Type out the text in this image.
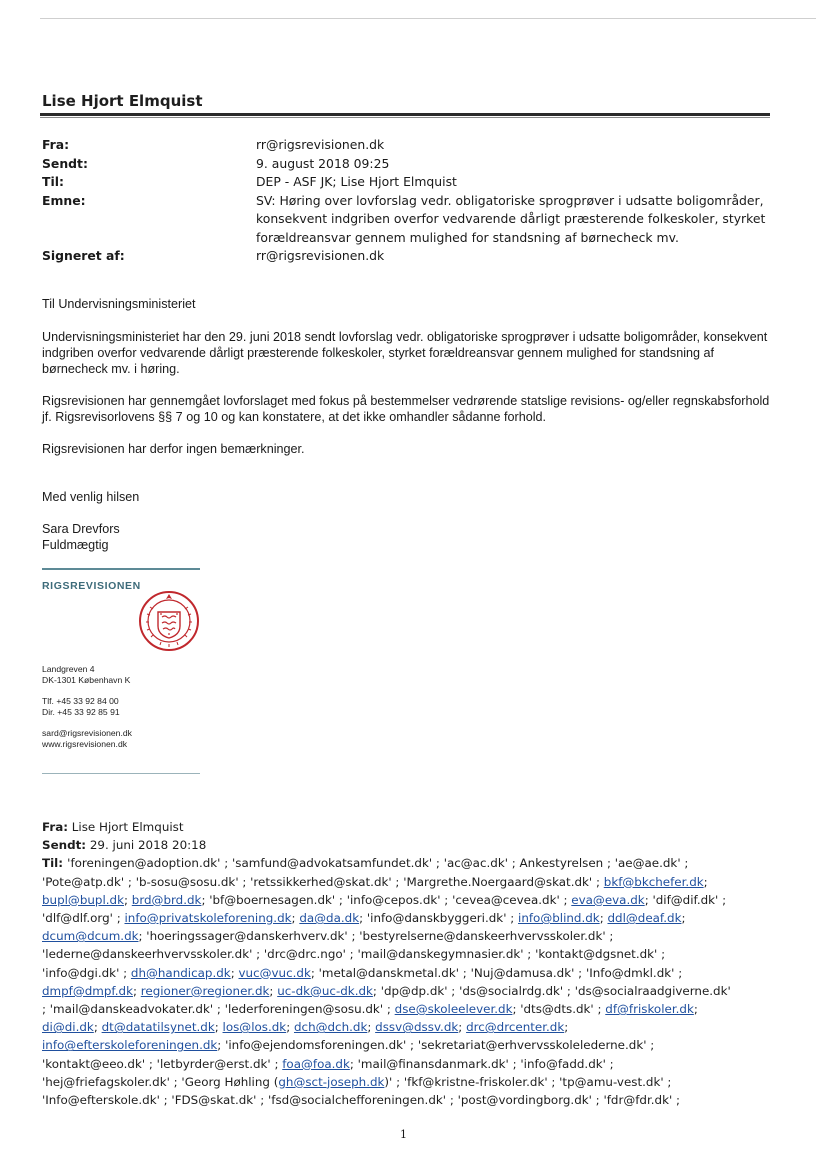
Lise Hjort Elmquist
Fra:	rr@rigsrevisionen.dk
Sendt:	9. august 2018 09:25
Til:	DEP - ASF JK; Lise Hjort Elmquist
Emne:	SV: Høring over lovforslag vedr. obligatoriske sprogprøver i udsatte boligområder, konsekvent indgriben overfor vedvarende dårligt præsterende folkeskoler, styrket forældreansvar gennem mulighed for standsning af børnecheck mv.
Signeret af:	rr@rigsrevisionen.dk
Til Undervisningsministeriet
Undervisningsministeriet har den 29. juni 2018 sendt lovforslag vedr. obligatoriske sprogprøver i udsatte boligområder, konsekvent indgriben overfor vedvarende dårligt præsterende folkeskoler, styrket forældreansvar gennem mulighed for standsning af børnecheck mv. i høring.
Rigsrevisionen har gennemgået lovforslaget med fokus på bestemmelser vedrørende statslige revisions- og/eller regnskabsforhold jf. Rigsrevisorlovens §§ 7 og 10 og kan konstatere, at det ikke omhandler sådanne forhold.
Rigsrevisionen har derfor ingen bemærkninger.
Med venlig hilsen
Sara Drevfors
Fuldmægtig
RIGSREVISIONEN
Landgreven 4
DK-1301 København K
Tlf. +45 33 92 84 00
Dir. +45 33 92 85 91
sard@rigsrevisionen.dk
www.rigsrevisionen.dk
Fra: Lise Hjort Elmquist
Sendt: 29. juni 2018 20:18
Til: 'foreningen@adoption.dk' ; 'samfund@advokatsamfundet.dk' ; 'ac@ac.dk' ; Ankestyrelsen ; 'ae@ae.dk' ;
'Pote@atp.dk' ; 'b-sosu@sosu.dk' ; 'retssikkerhed@skat.dk' ; 'Margrethe.Noergaard@skat.dk' ; bkf@bkchefer.dk;
bupl@bupl.dk; brd@brd.dk; 'bf@boernesagen.dk' ; 'info@cepos.dk' ; 'cevea@cevea.dk' ; eva@eva.dk; 'dif@dif.dk' ;
'dlf@dlf.org' ; info@privatskoleforening.dk; da@da.dk; 'info@danskbyggeri.dk' ; info@blind.dk; ddl@deaf.dk;
dcum@dcum.dk; 'hoeringssager@danskerhverv.dk' ; 'bestyrelserne@danskeerhvervsskoler.dk' ;
'lederne@danskeerhvervsskoler.dk' ; 'drc@drc.ngo' ; 'mail@danskegymnasier.dk' ; 'kontakt@dgsnet.dk' ;
'info@dgi.dk' ; dh@handicap.dk; vuc@vuc.dk; 'metal@danskmetal.dk' ; 'Nuj@damusa.dk' ; 'Info@dmkl.dk' ;
dmpf@dmpf.dk; regioner@regioner.dk; uc-dk@uc-dk.dk; 'dp@dp.dk' ; 'ds@socialrdg.dk' ; 'ds@socialraadgiverne.dk'
; 'mail@danskeadvokater.dk' ; 'lederforeningen@sosu.dk' ; dse@skoleelever.dk; 'dts@dts.dk' ; df@friskoler.dk;
di@di.dk; dt@datatilsynet.dk; los@los.dk; dch@dch.dk; dssv@dssv.dk; drc@drcenter.dk;
info@efterskoleforeningen.dk; 'info@ejendomsforeningen.dk' ; 'sekretariat@erhvervsskolelederne.dk' ;
'kontakt@eeo.dk' ; 'letbyrder@erst.dk' ; foa@foa.dk; 'mail@finansdanmark.dk' ; 'info@fadd.dk' ;
'hej@friefagskoler.dk' ; 'Georg Høhling (gh@sct-joseph.dk)' ; 'fkf@kristne-friskoler.dk' ; 'tp@amu-vest.dk' ;
'Info@efterskole.dk' ; 'FDS@skat.dk' ; 'fsd@socialchefforeningen.dk' ; 'post@vordingborg.dk' ; 'fdr@fdr.dk' ;
1
